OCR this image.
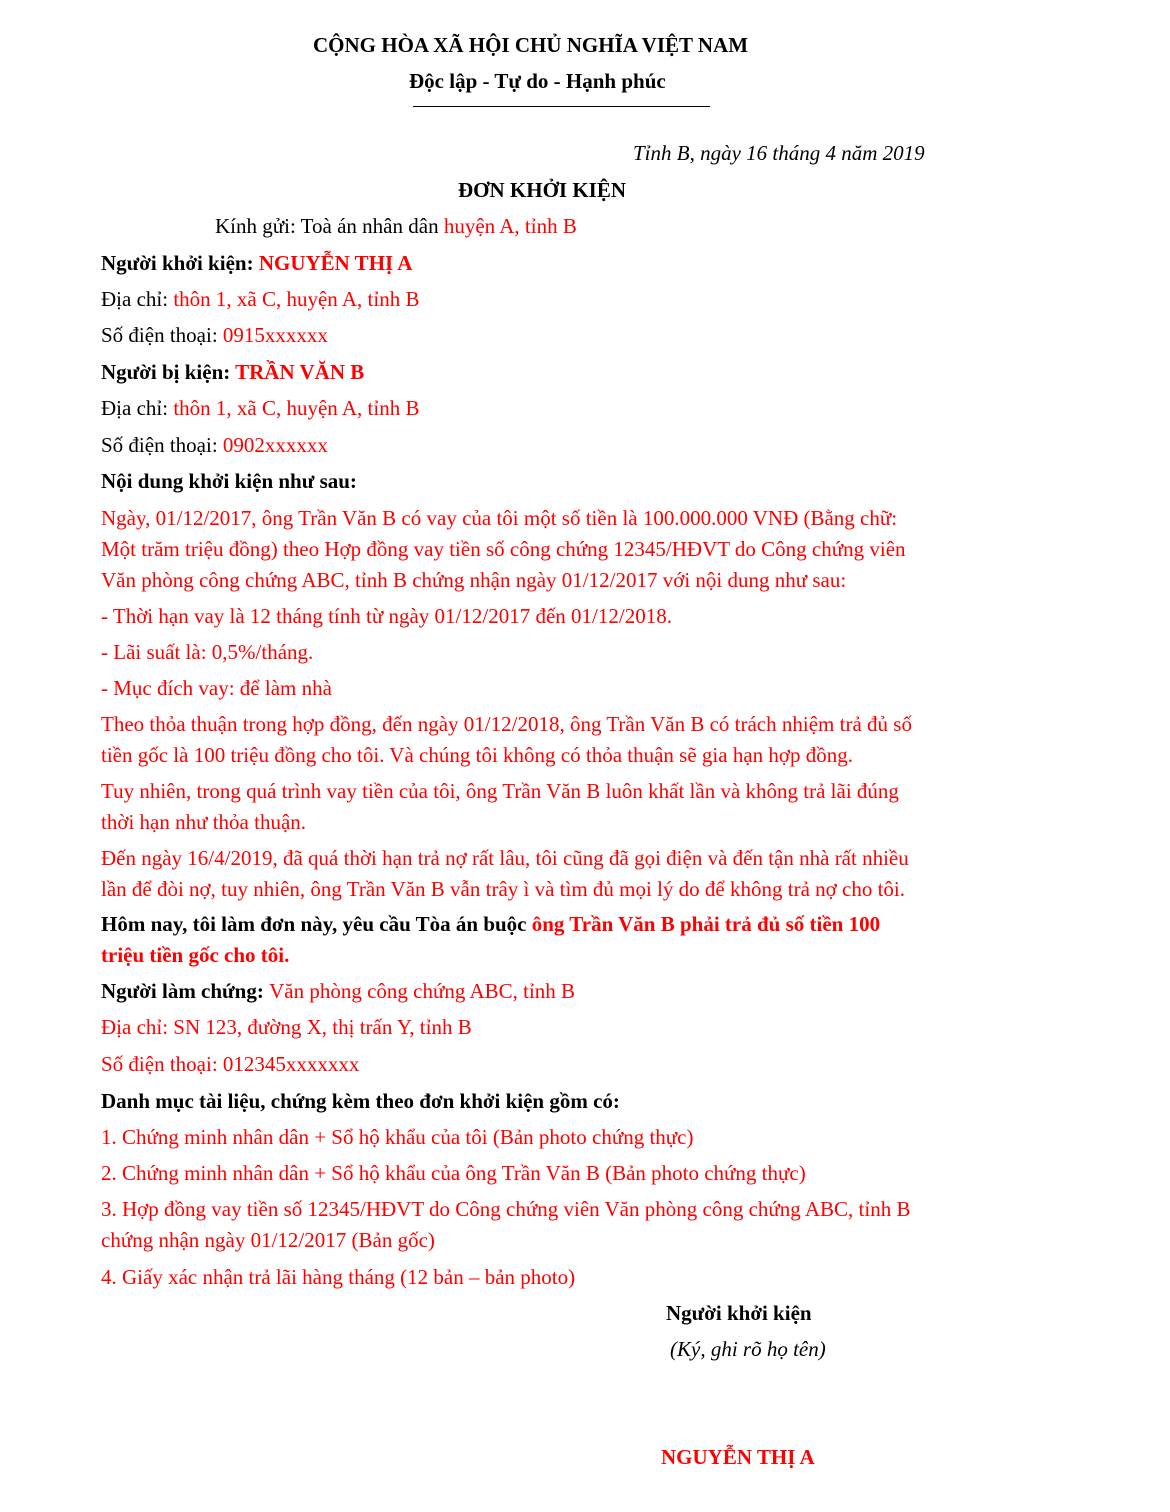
CỘNG HÒA XÃ HỘI CHỦ NGHĨA VIỆT NAM
Độc lập - Tự do - Hạnh phúc
Tỉnh B, ngày 16 tháng 4 năm 2019
ĐƠN KHỞI KIỆN
Kính gửi: Toà án nhân dân huyện A, tỉnh B
Người khởi kiện: NGUYỄN THỊ A
Địa chỉ: thôn 1, xã C, huyện A, tỉnh B
Số điện thoại: 0915xxxxxx
Người bị kiện: TRẦN VĂN B
Địa chỉ: thôn 1, xã C, huyện A, tỉnh B
Số điện thoại: 0902xxxxxx
Nội dung khởi kiện như sau:
Ngày, 01/12/2017, ông Trần Văn B có vay của tôi một số tiền là 100.000.000 VNĐ (Bằng chữ:
Một trăm triệu đồng) theo Hợp đồng vay tiền số công chứng 12345/HĐVT do Công chứng viên
Văn phòng công chứng ABC, tỉnh B chứng nhận ngày 01/12/2017 với nội dung như sau:
- Thời hạn vay là 12 tháng tính từ ngày 01/12/2017 đến 01/12/2018.
- Lãi suất là: 0,5%/tháng.
- Mục đích vay: để làm nhà
Theo thỏa thuận trong hợp đồng, đến ngày 01/12/2018, ông Trần Văn B có trách nhiệm trả đủ số
tiền gốc là 100 triệu đồng cho tôi. Và chúng tôi không có thỏa thuận sẽ gia hạn hợp đồng.
Tuy nhiên, trong quá trình vay tiền của tôi, ông Trần Văn B luôn khất lần và không trả lãi đúng
thời hạn như thỏa thuận.
Đến ngày 16/4/2019, đã quá thời hạn trả nợ rất lâu, tôi cũng đã gọi điện và đến tận nhà rất nhiều
lần để đòi nợ, tuy nhiên, ông Trần Văn B vẫn trây ì và tìm đủ mọi lý do để không trả nợ cho tôi.
Hôm nay, tôi làm đơn này, yêu cầu Tòa án buộc ông Trần Văn B phải trả đủ số tiền 100
triệu tiền gốc cho tôi.
Người làm chứng: Văn phòng công chứng ABC, tỉnh B
Địa chỉ: SN 123, đường X, thị trấn Y, tỉnh B
Số điện thoại: 012345xxxxxxx
Danh mục tài liệu, chứng kèm theo đơn khởi kiện gồm có:
1. Chứng minh nhân dân + Sổ hộ khẩu của tôi (Bản photo chứng thực)
2. Chứng minh nhân dân + Sổ hộ khẩu của ông Trần Văn B (Bản photo chứng thực)
3. Hợp đồng vay tiền số 12345/HĐVT do Công chứng viên Văn phòng công chứng ABC, tỉnh B
chứng nhận ngày 01/12/2017 (Bản gốc)
4. Giấy xác nhận trả lãi hàng tháng (12 bản – bản photo)
Người khởi kiện
(Ký, ghi rõ họ tên)
NGUYỄN THỊ A
